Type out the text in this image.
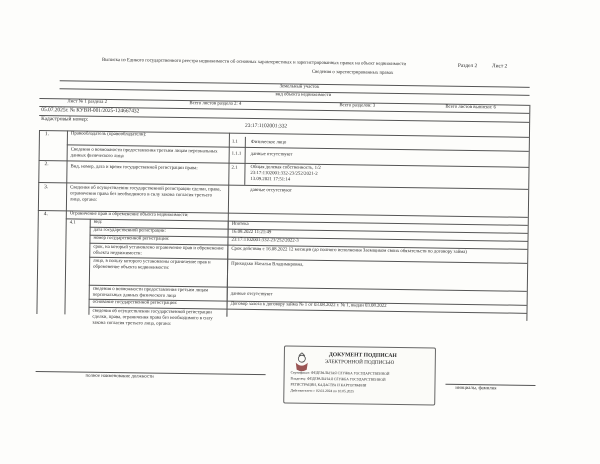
Выписка из Единого государственного реестра недвижимости об основных характеристиках и зарегистрированных правах на объект недвижимости	Раздел 2	Лист 2
Сведения о зарегистрированных правах
Земельный участок
вид объекта недвижимости
Лист № 1 раздела 2	Всего листов раздела 2: 4	Всего разделов: 3	Всего листов выписки: 6
05.07.2025г. № КУВИ-001/2025-124667432
Кадастровый номер:
23:17:1102001:332
1.	Правообладатель (правообладатели):
1.1	Физическое лицо
Сведения о возможности предоставления третьим лицам персональных данных физического лица	1.1.1 данные отсутствуют
2.
Вид, номер, дата и время государственной регистрации права:	2.1	Общая долевая собственность, 1/2
23:17:1102001:332-23/252/2021-2
13.09.2021 17:51:14
3.	Сведения об осуществлении государственной регистрации сделки, права, ограничения права без необходимого в силу закона согласия третьего лица, органа:
данные отсутствуют
4.	Ограничение прав и обременение объекта недвижимости:
4.1	вид:	Ипотека
дата государственной регистрации:	16.08.2022 11:21:49
номер государственной регистрации:	23:17:1102001:332-23/252/2022-3
срок, на который установлено ограничение прав и обременение объекта недвижимости:	Срок действия с 16.08.2022 12 месяцев (до полного исполнения Заемщиком своих обязательств по договору займа)
лицо, в пользу которого установлены ограничение прав и обременение объекта недвижимости:
Приходько Наталья Владимировна,
сведения о возможности предоставления третьим лицам персональных данных физического лица	данные отсутствуют
основание государственной регистрации:	Договор залога к договору займа № 1 от 03.08.2022 г. № 1, выдан 03.08.2022
сведения об осуществлении государственной регистрации сделки, права, ограничения права без необходимого в силу закона согласия третьего лица, органа:
ДОКУМЕНТ ПОДПИСАН
ЭЛЕКТРОННОЙ ПОДПИСЬЮ
Сертификат: ФЕДЕРАЛЬНАЯ СЛУЖБА ГОСУДАРСТВЕННОЙ
Владелец: ФЕДЕРАЛЬНАЯ СЛУЖБА ГОСУДАРСТВЕННОЙ
РЕГИСТРАЦИИ, КАДАСТРА И КАРТОГРАФИИ
Действителен: с 02.02.2024 по 10.05.2025
полное наименование должности
инициалы, фамилия
